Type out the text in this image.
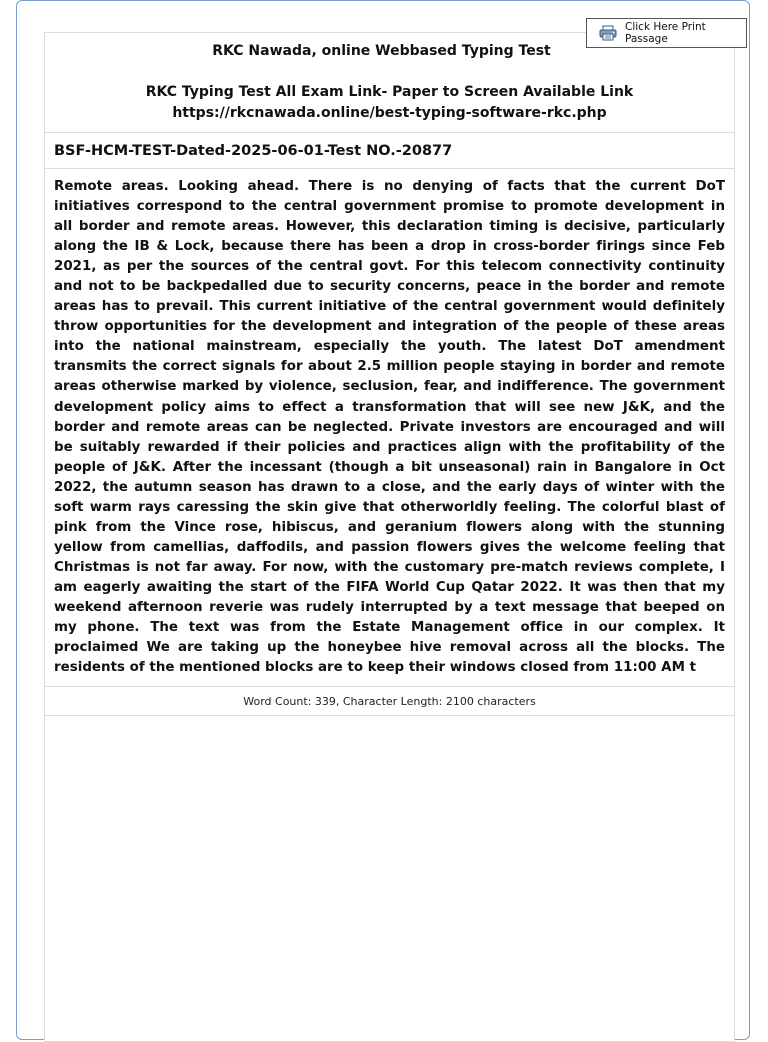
Click Here Print Passage
RKC Nawada, online Webbased Typing Test
RKC Typing Test All Exam Link- Paper to Screen Available Link
https://rkcnawada.online/best-typing-software-rkc.php
BSF-HCM-TEST-Dated-2025-06-01-Test NO.-20877
Remote areas. Looking ahead. There is no denying of facts that the current DoT initiatives correspond to the central government promise to promote development in all border and remote areas. However, this declaration timing is decisive, particularly along the IB & Lock, because there has been a drop in cross-border firings since Feb 2021, as per the sources of the central govt. For this telecom connectivity continuity and not to be backpedalled due to security concerns, peace in the border and remote areas has to prevail. This current initiative of the central government would definitely throw opportunities for the development and integration of the people of these areas into the national mainstream, especially the youth. The latest DoT amendment transmits the correct signals for about 2.5 million people staying in border and remote areas otherwise marked by violence, seclusion, fear, and indifference. The government development policy aims to effect a transformation that will see new J&K, and the border and remote areas can be neglected. Private investors are encouraged and will be suitably rewarded if their policies and practices align with the profitability of the people of J&K. After the incessant (though a bit unseasonal) rain in Bangalore in Oct 2022, the autumn season has drawn to a close, and the early days of winter with the soft warm rays caressing the skin give that otherworldly feeling. The colorful blast of pink from the Vince rose, hibiscus, and geranium flowers along with the stunning yellow from camellias, daffodils, and passion flowers gives the welcome feeling that Christmas is not far away. For now, with the customary pre-match reviews complete, I am eagerly awaiting the start of the FIFA World Cup Qatar 2022. It was then that my weekend afternoon reverie was rudely interrupted by a text message that beeped on my phone. The text was from the Estate Management office in our complex. It proclaimed We are taking up the honeybee hive removal across all the blocks. The residents of the mentioned blocks are to keep their windows closed from 11:00 AM t
Word Count: 339, Character Length: 2100 characters
